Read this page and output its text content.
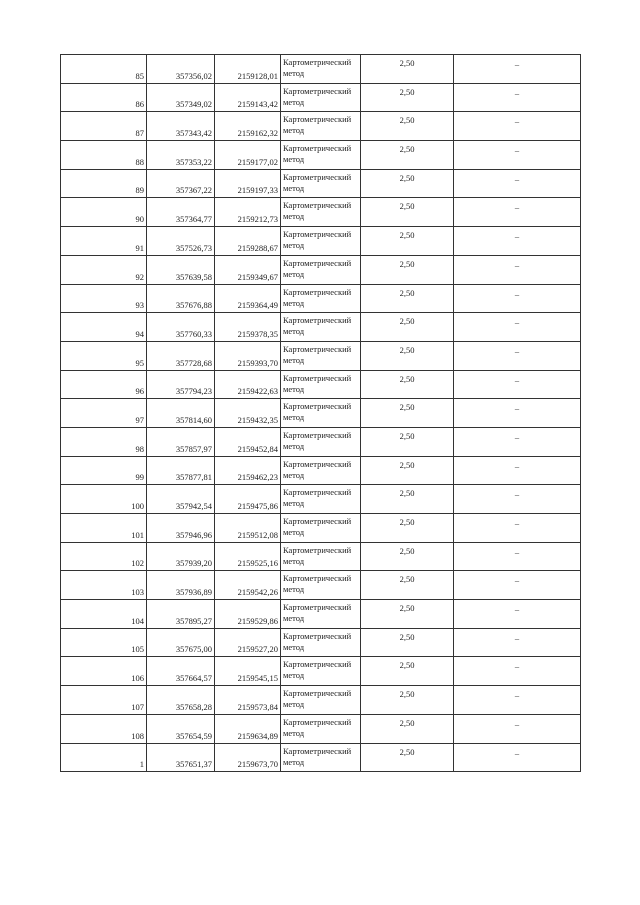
85	357356,02	2159128,01	Картометрический метод	2,50	–
86	357349,02	2159143,42	Картометрический метод	2,50	–
87	357343,42	2159162,32	Картометрический метод	2,50	–
88	357353,22	2159177,02	Картометрический метод	2,50	–
89	357367,22	2159197,33	Картометрический метод	2,50	–
90	357364,77	2159212,73	Картометрический метод	2,50	–
91	357526,73	2159288,67	Картометрический метод	2,50	–
92	357639,58	2159349,67	Картометрический метод	2,50	–
93	357676,88	2159364,49	Картометрический метод	2,50	–
94	357760,33	2159378,35	Картометрический метод	2,50	–
95	357728,68	2159393,70	Картометрический метод	2,50	–
96	357794,23	2159422,63	Картометрический метод	2,50	–
97	357814,60	2159432,35	Картометрический метод	2,50	–
98	357857,97	2159452,84	Картометрический метод	2,50	–
99	357877,81	2159462,23	Картометрический метод	2,50	–
100	357942,54	2159475,86	Картометрический метод	2,50	–
101	357946,96	2159512,08	Картометрический метод	2,50	–
102	357939,20	2159525,16	Картометрический метод	2,50	–
103	357936,89	2159542,26	Картометрический метод	2,50	–
104	357895,27	2159529,86	Картометрический метод	2,50	–
105	357675,00	2159527,20	Картометрический метод	2,50	–
106	357664,57	2159545,15	Картометрический метод	2,50	–
107	357658,28	2159573,84	Картометрический метод	2,50	–
108	357654,59	2159634,89	Картометрический метод	2,50	–
1	357651,37	2159673,70	Картометрический метод	2,50	–
